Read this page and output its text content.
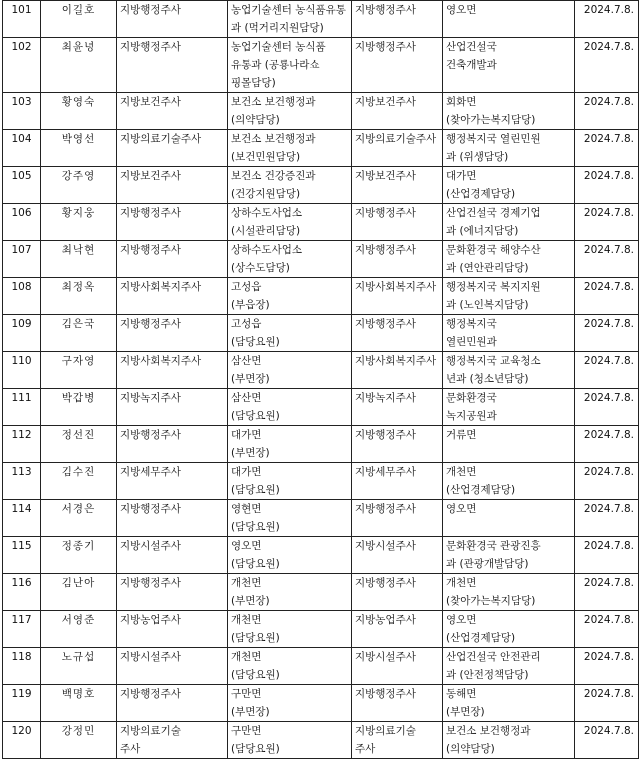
101	이길호	지방행정주사	농업기술센터 농식품유통
과 (먹거리지원담당)	지방행정주사	영오면	2024.7.8.
102	최윤녕	지방행정주사	농업기술센터 농식품
유통과 (공룡나라쇼
핑몰담당)	지방행정주사	산업건설국
건축개발과	2024.7.8.
103	황영숙	지방보건주사	보건소 보건행정과
(의약담당)	지방보건주사	회화면
(찾아가는복지담당)	2024.7.8.
104	박영선	지방의료기술주사	보건소 보건행정과
(보건민원담당)	지방의료기술주사	행정복지국 열린민원
과 (위생담당)	2024.7.8.
105	강주영	지방보건주사	보건소 건강증진과
(건강지원담당)	지방보건주사	대가면
(산업경제담당)	2024.7.8.
106	황지웅	지방행정주사	상하수도사업소
(시설관리담당)	지방행정주사	산업건설국 경제기업
과 (에너지담당)	2024.7.8.
107	최낙현	지방행정주사	상하수도사업소
(상수도담당)	지방행정주사	문화환경국 해양수산
과 (연안관리담당)	2024.7.8.
108	최정옥	지방사회복지주사	고성읍
(부읍장)	지방사회복지주사	행정복지국 복지지원
과 (노인복지담당)	2024.7.8.
109	김은국	지방행정주사	고성읍
(담당요원)	지방행정주사	행정복지국
열린민원과	2024.7.8.
110	구자영	지방사회복지주사	삼산면
(부면장)	지방사회복지주사	행정복지국 교육청소
년과 (청소년담당)	2024.7.8.
111	박갑병	지방녹지주사	삼산면
(담당요원)	지방녹지주사	문화환경국
녹지공원과	2024.7.8.
112	정선진	지방행정주사	대가면
(부면장)	지방행정주사	거류면	2024.7.8.
113	김수진	지방세무주사	대가면
(담당요원)	지방세무주사	개천면
(산업경제담당)	2024.7.8.
114	서경은	지방행정주사	영현면
(담당요원)	지방행정주사	영오면	2024.7.8.
115	정종기	지방시설주사	영오면
(담당요원)	지방시설주사	문화환경국 관광진흥
과 (관광개발담당)	2024.7.8.
116	김난아	지방행정주사	개천면
(부면장)	지방행정주사	개천면
(찾아가는복지담당)	2024.7.8.
117	서영준	지방농업주사	개천면
(담당요원)	지방농업주사	영오면
(산업경제담당)	2024.7.8.
118	노규섭	지방시설주사	개천면
(담당요원)	지방시설주사	산업건설국 안전관리
과 (안전정책담당)	2024.7.8.
119	백명호	지방행정주사	구만면
(부면장)	지방행정주사	동해면
(부면장)	2024.7.8.
120	강정민	지방의료기술
주사	구만면
(담당요원)	지방의료기술
주사	보건소 보건행정과
(의약담당)	2024.7.8.
